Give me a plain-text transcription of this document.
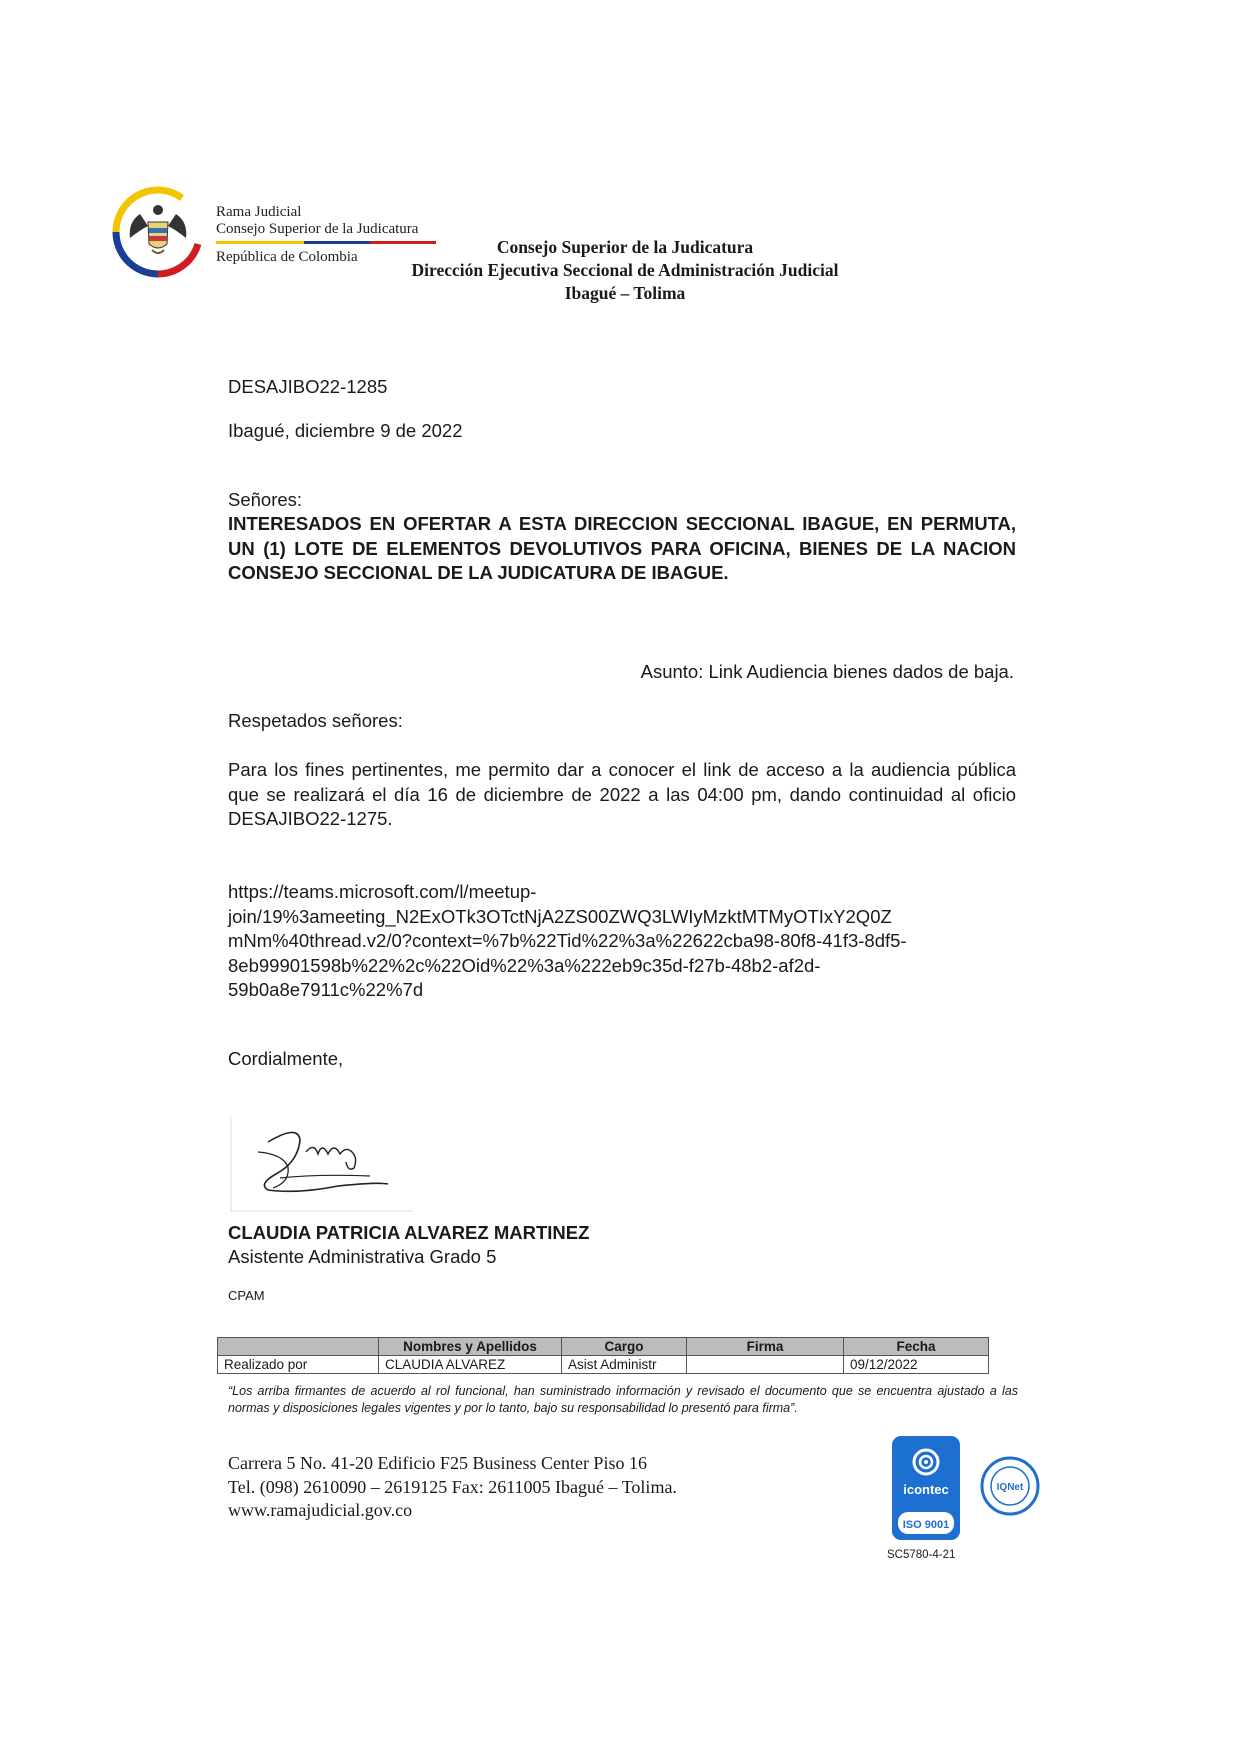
Rama Judicial
Consejo Superior de la Judicatura
República de Colombia	Consejo Superior de la Judicatura
Dirección Ejecutiva Seccional de Administración Judicial
Ibagué – Tolima
DESAJIBO22-1285
Ibagué, diciembre 9 de 2022
Señores:
INTERESADOS EN OFERTAR A ESTA DIRECCION SECCIONAL IBAGUE, EN PERMUTA, UN (1) LOTE DE ELEMENTOS DEVOLUTIVOS PARA OFICINA, BIENES DE LA NACION CONSEJO SECCIONAL DE LA JUDICATURA DE IBAGUE.
Asunto: Link Audiencia bienes dados de baja.
Respetados señores:
Para los fines pertinentes, me permito dar a conocer el link de acceso a la audiencia pública que se realizará el día 16 de diciembre de 2022 a las 04:00 pm, dando continuidad al oficio DESAJIBO22-1275.
https://teams.microsoft.com/l/meetup-
join/19%3ameeting_N2ExOTk3OTctNjA2ZS00ZWQ3LWIyMzktMTMyOTIxY2Q0Z
mNm%40thread.v2/0?context=%7b%22Tid%22%3a%22622cba98-80f8-41f3-8df5-
8eb99901598b%22%2c%22Oid%22%3a%222eb9c35d-f27b-48b2-af2d-
59b0a8e7911c%22%7d
Cordialmente,
CLAUDIA PATRICIA ALVAREZ MARTINEZ
Asistente Administrativa Grado 5
CPAM
	Nombres y Apellidos	Cargo	Firma	Fecha
Realizado por	CLAUDIA ALVAREZ	Asist Administr		09/12/2022
“Los arriba firmantes de acuerdo al rol funcional, han suministrado información y revisado el documento que se encuentra ajustado a las normas y disposiciones legales vigentes y por lo tanto, bajo su responsabilidad lo presentó para firma”.
Carrera 5 No. 41-20 Edificio F25 Business Center Piso 16
Tel. (098) 2610090 – 2619125 Fax: 2611005 Ibagué – Tolima.
www.ramajudicial.gov.co
icontec
ISO 9001
IQNet
SC5780-4-21
